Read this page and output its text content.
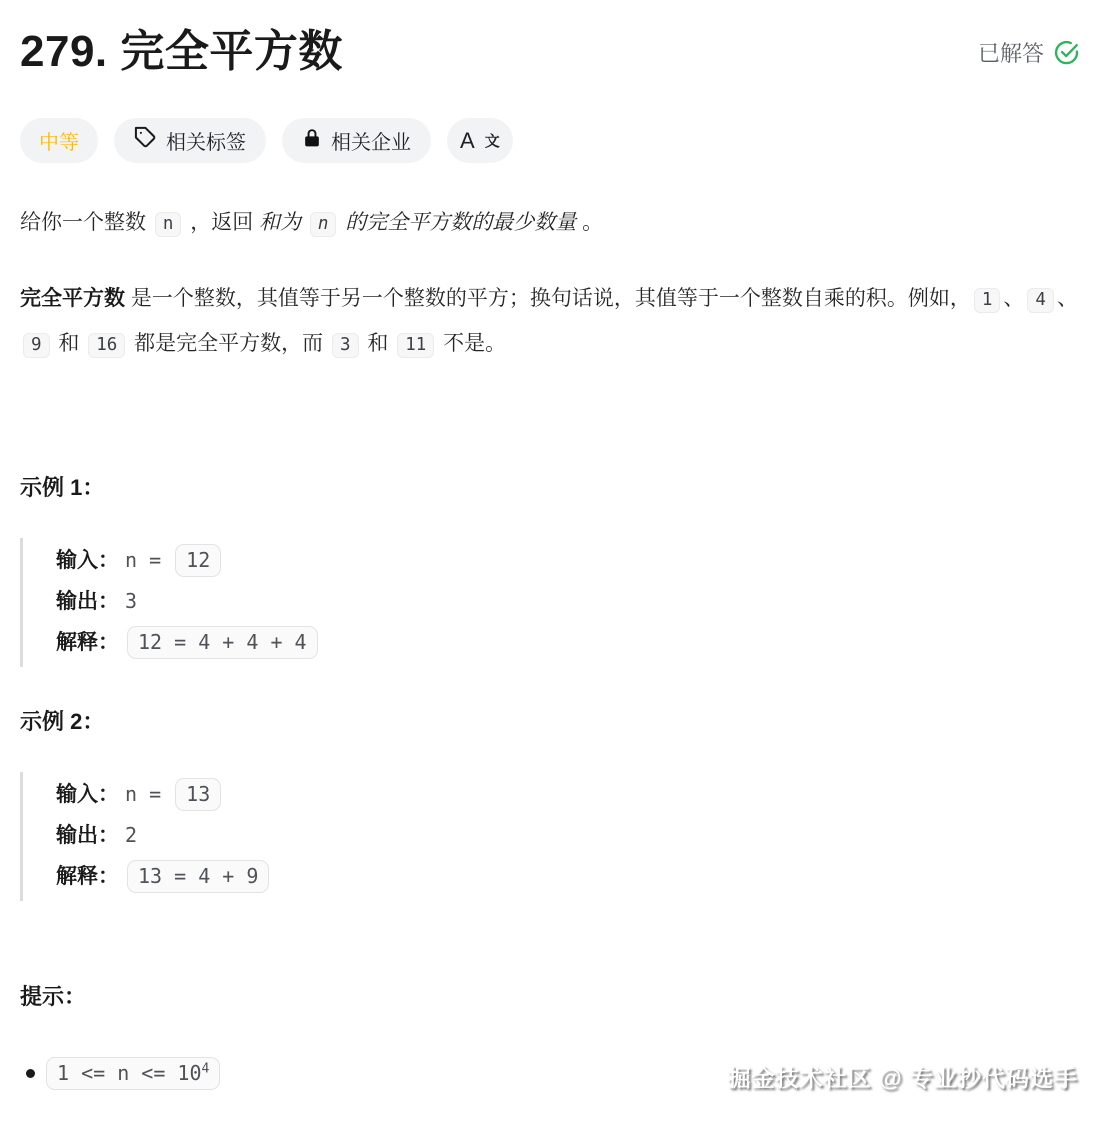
279. 完全平方数	已解答
中等	相关标签	相关企业 A 文

给你一个整数 n ，返回 和为 n 的完全平方数的最少数量 。

完全平方数 是一个整数，其值等于另一个整数的平方；换句话说，其值等于一个整数自乘的积。例如， 1 、 4 、9 和 16 都是完全平方数，而 3 和 11 不是。

示例 1：
输入： n = 12
输出： 3
解释： 12 = 4 + 4 + 4
示例 2：
输入： n = 13
输出： 2
解释： 13 = 4 + 9
提示：
$1 <= n <= 10^4$	掘金技术社区 @ 专业抄代码选手
